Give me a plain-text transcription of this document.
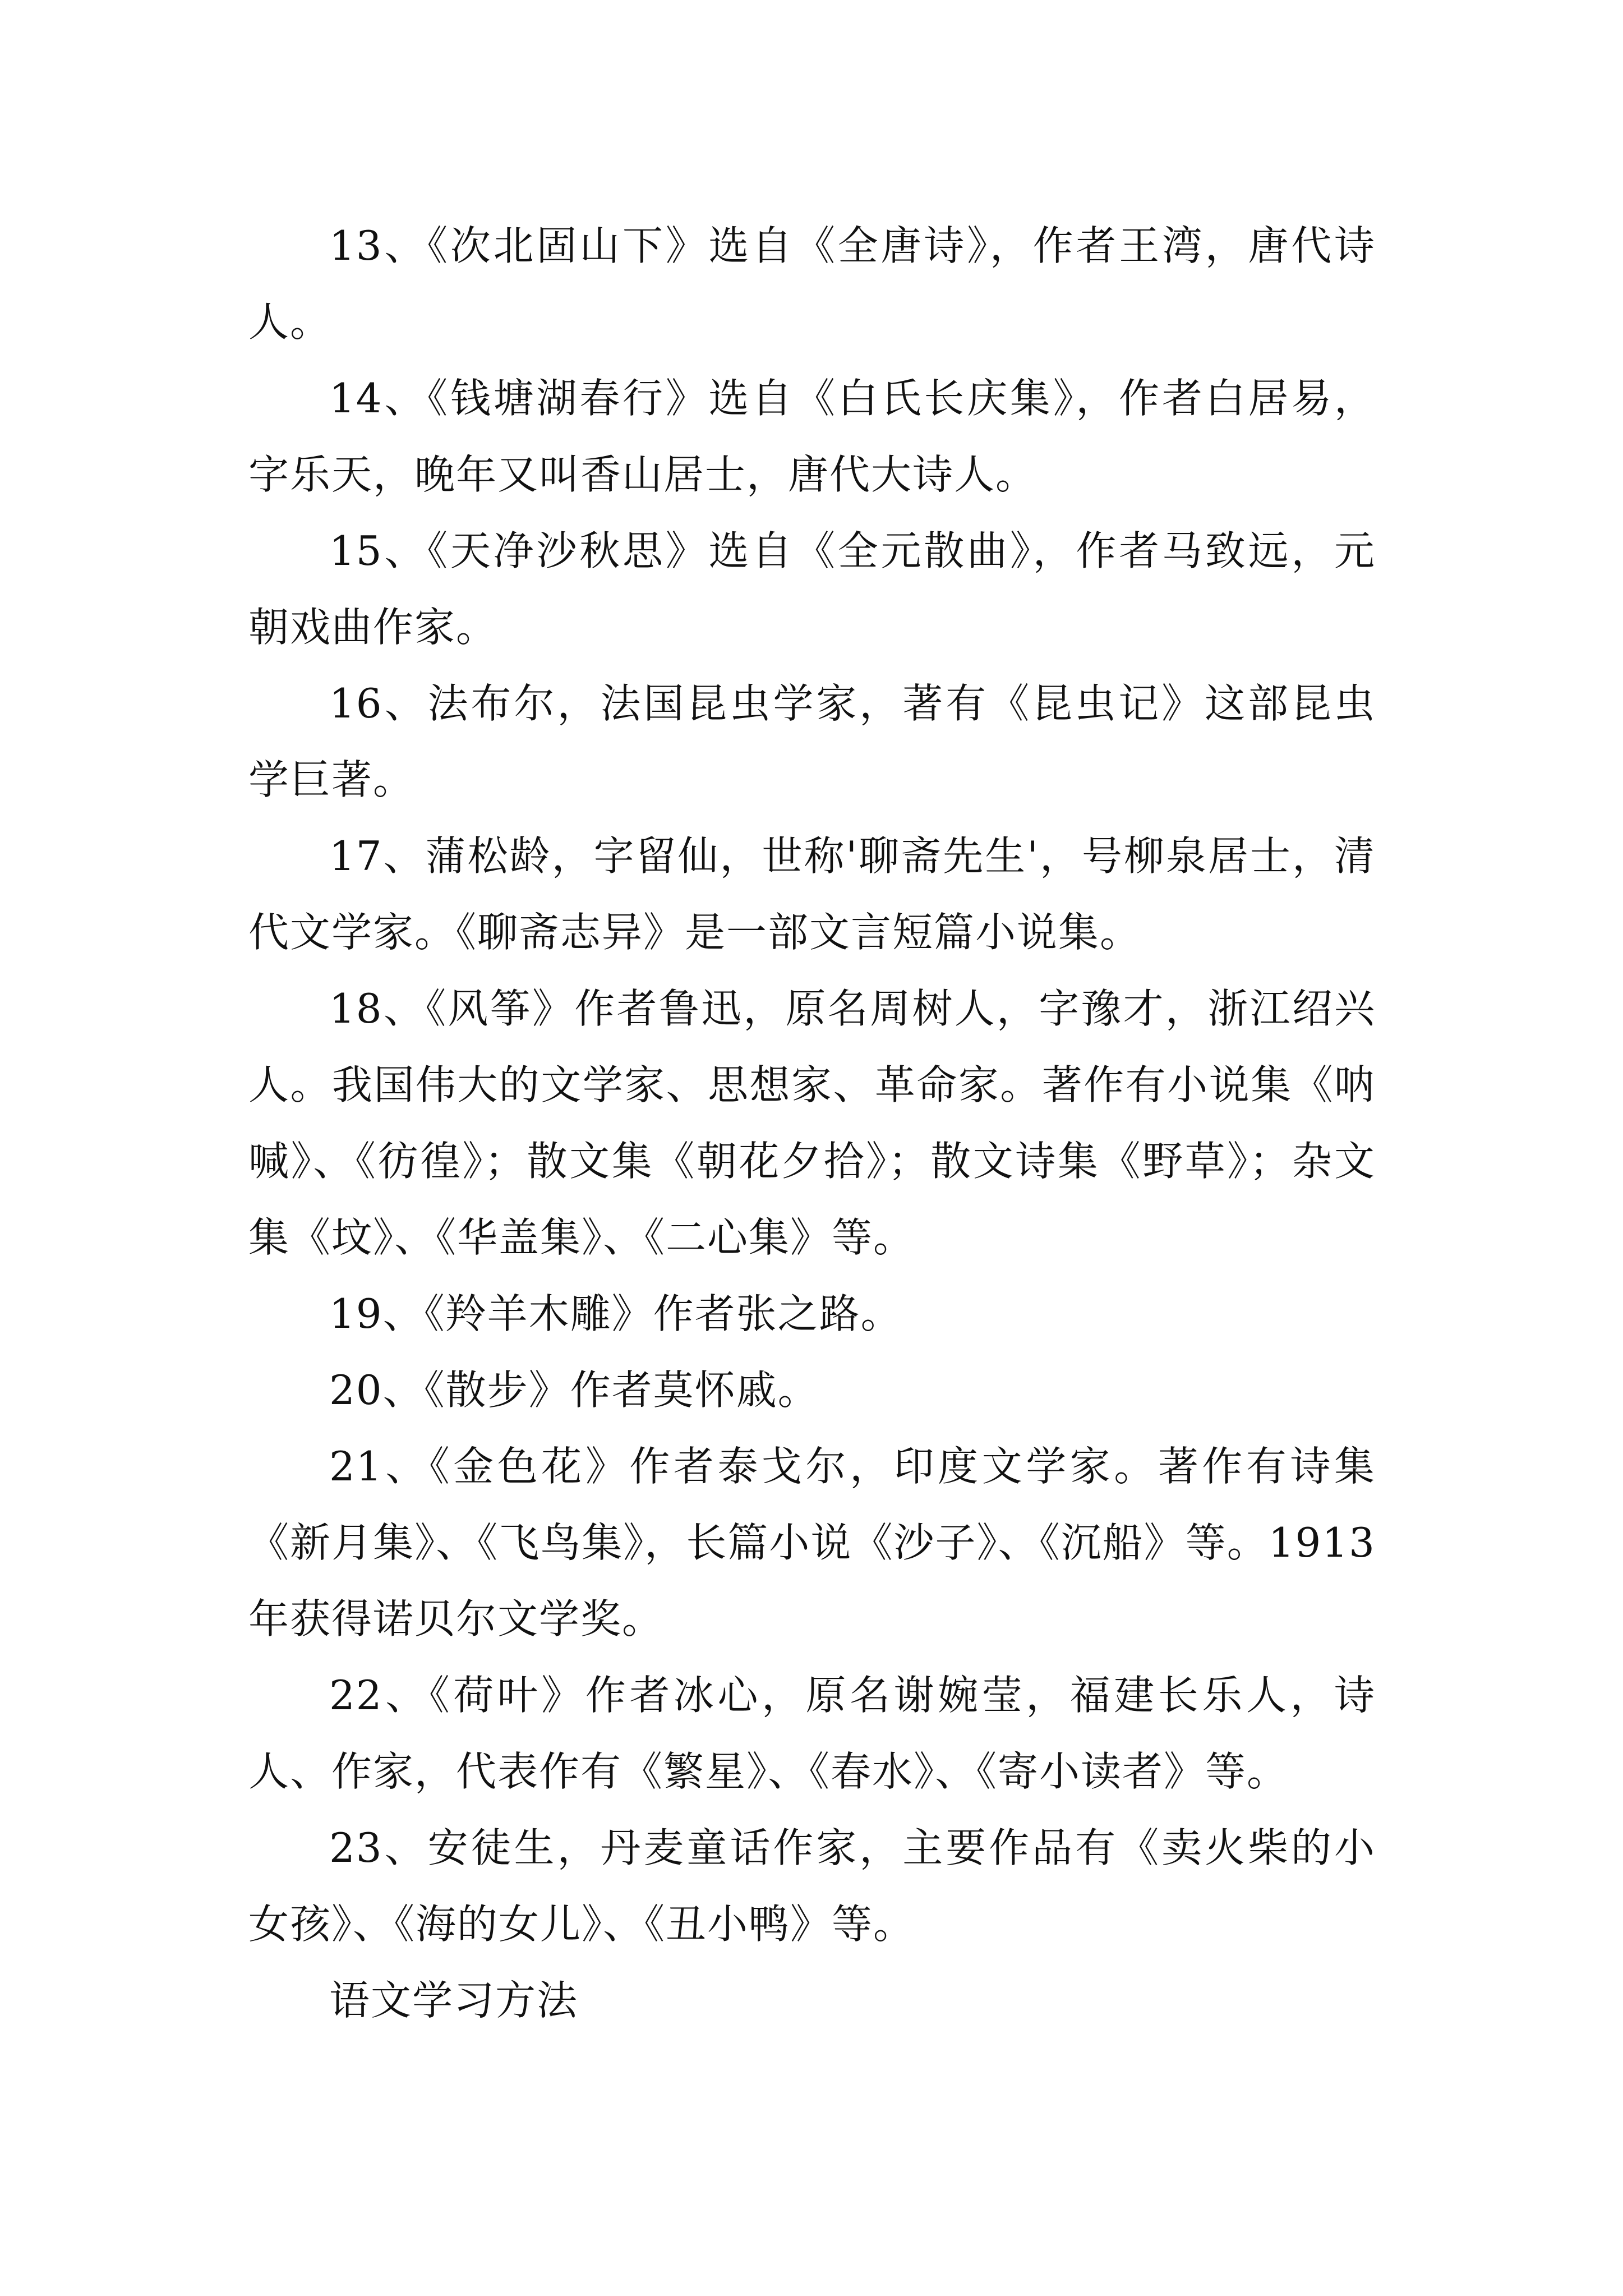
13、《次北固山下》选自《全唐诗》，作者王湾，唐代诗人。

14、《钱塘湖春行》选自《白氏长庆集》，作者白居易，字乐天，晚年又叫香山居士，唐代大诗人。

15、《天净沙秋思》选自《全元散曲》，作者马致远，元朝戏曲作家。

16、法布尔，法国昆虫学家，著有《昆虫记》这部昆虫学巨著。

17、蒲松龄，字留仙，世称'聊斋先生'，号柳泉居士，清代文学家。《聊斋志异》是一部文言短篇小说集。

18、《风筝》作者鲁迅，原名周树人，字豫才，浙江绍兴人。我国伟大的文学家、思想家、革命家。著作有小说集《呐喊》、《彷徨》；散文集《朝花夕拾》；散文诗集《野草》；杂文集《坟》、《华盖集》、《二心集》等。

19、《羚羊木雕》作者张之路。

20、《散步》作者莫怀戚。

21、《金色花》作者泰戈尔，印度文学家。著作有诗集《新月集》、《飞鸟集》，长篇小说《沙子》、《沉船》等。1913年获得诺贝尔文学奖。

22、《荷叶》作者冰心，原名谢婉莹，福建长乐人，诗人、作家，代表作有《繁星》、《春水》、《寄小读者》等。

23、安徒生，丹麦童话作家，主要作品有《卖火柴的小女孩》、《海的女儿》、《丑小鸭》等。

语文学习方法
